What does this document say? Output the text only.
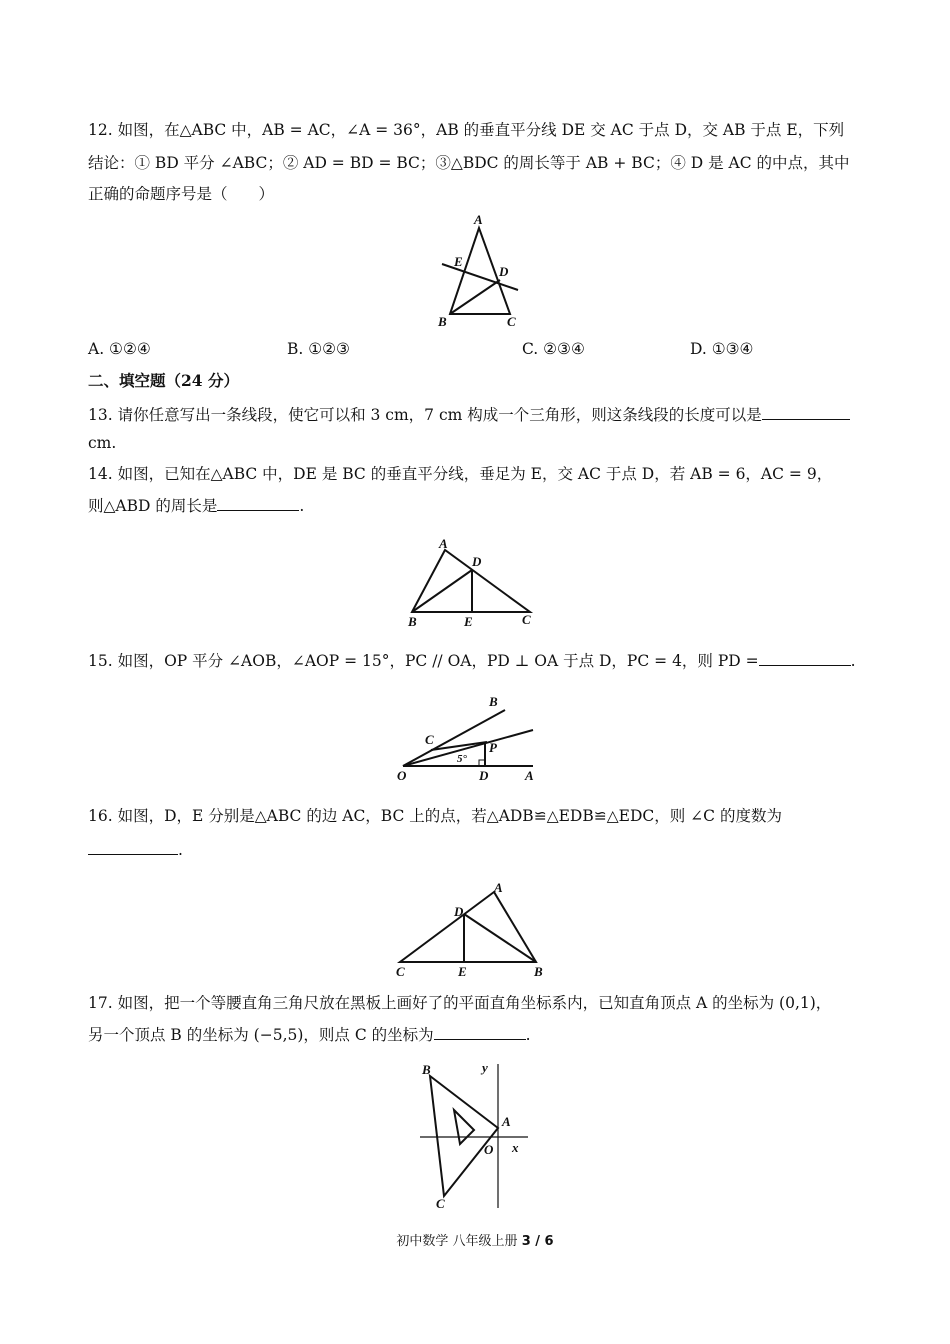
12. 如图，在△ABC 中，AB = AC，∠A = 36°，AB 的垂直平分线 DE 交 AC 于点 D，交 AB 于点 E，下列
结论：① BD 平分 ∠ABC；② AD = BD = BC；③△BDC 的周长等于 AB + BC；④ D 是 AC 的中点，其中
正确的命题序号是（　　）
A
E
D
B	C
A. ①②④	B. ①②③	C. ②③④	D. ①③④
二、填空题（24 分）
13. 请你任意写出一条线段，使它可以和 3 cm，7 cm 构成一个三角形，则这条线段的长度可以是
cm.
14. 如图，已知在△ABC 中，DE 是 BC 的垂直平分线，垂足为 E，交 AC 于点 D，若 AB = 6，AC = 9，
则△ABD 的周长是	.
A
D
B	E	C
15. 如图，OP 平分 ∠AOB，∠AOP = 15°，PC // OA，PD ⊥ OA 于点 D，PC = 4，则 PD =	.
O	A
B
C
D
P
5°
16. 如图，D，E 分别是△ABC 的边 AC，BC 上的点，若△ADB≌△EDB≌△EDC，则 ∠C 的度数为
.
A
D
C	E	B
17. 如图，把一个等腰直角三角尺放在黑板上画好了的平面直角坐标系内，已知直角顶点 A 的坐标为 (0,1)，
另一个顶点 B 的坐标为 (−5,5)，则点 C 的坐标为	.
B	y
A
O x
C
初中数学 八年级上册 3 / 6
